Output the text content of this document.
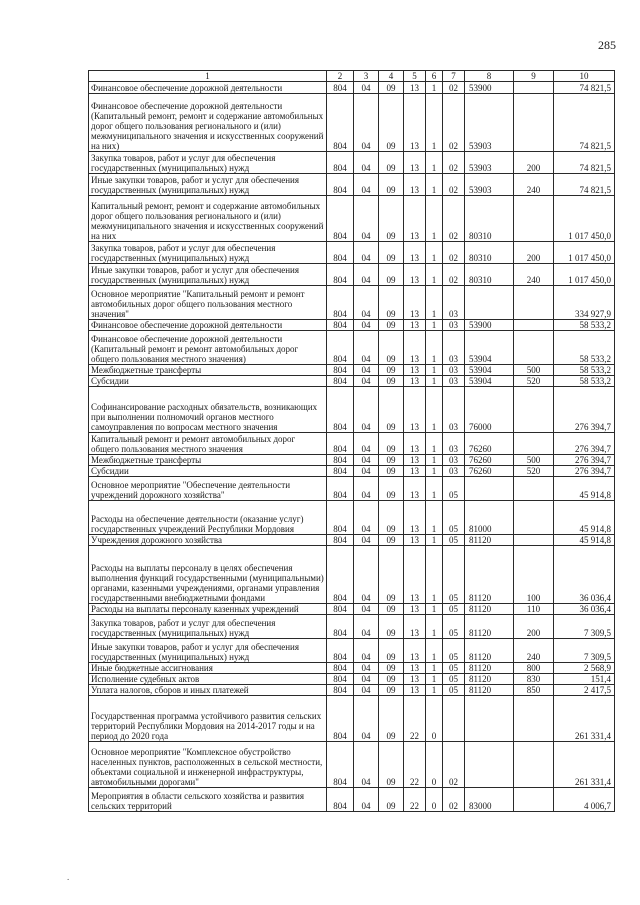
285
1	2	3	4	5	6	7	8	9	10
Финансовое обеспечение дорожной деятельности	804	04	09	13	1	02	53900		74 821,5
Финансовое обеспечение дорожной деятельности (Капитальный ремонт, ремонт и содержание автомобильных дорог общего пользования регионального и (или) межмуниципального значения и искусственных сооружений на них)	804	04	09	13	1	02	53903		74 821,5
Закупка товаров, работ и услуг для обеспечения государственных (муниципальных) нужд	804	04	09	13	1	02	53903	200	74 821,5
Иные закупки товаров, работ и услуг для обеспечения государственных (муниципальных) нужд	804	04	09	13	1	02	53903	240	74 821,5
Капитальный ремонт, ремонт и содержание автомобильных дорог общего пользования регионального и (или) межмуниципального значения и искусственных сооружений на них	804	04	09	13	1	02	80310		1 017 450,0
Закупка товаров, работ и услуг для обеспечения государственных (муниципальных) нужд	804	04	09	13	1	02	80310	200	1 017 450,0
Иные закупки товаров, работ и услуг для обеспечения государственных (муниципальных) нужд	804	04	09	13	1	02	80310	240	1 017 450,0
Основное мероприятие "Капитальный ремонт и ремонт автомобильных дорог общего пользования местного значения"	804	04	09	13	1	03			334 927,9
Финансовое обеспечение дорожной деятельности	804	04	09	13	1	03	53900		58 533,2
Финансовое обеспечение дорожной деятельности (Капитальный ремонт и ремонт автомобильных дорог общего пользования местного значения)	804	04	09	13	1	03	53904		58 533,2
Межбюджетные трансферты	804	04	09	13	1	03	53904	500	58 533,2
Субсидии	804	04	09	13	1	03	53904	520	58 533,2
Софинансирование расходных обязательств, возникающих при выполнении полномочий органов местного самоуправления по вопросам местного значения	804	04	09	13	1	03	76000		276 394,7
Капитальный ремонт и ремонт автомобильных дорог общего пользования местного значения	804	04	09	13	1	03	76260		276 394,7
Межбюджетные трансферты	804	04	09	13	1	03	76260	500	276 394,7
Субсидии	804	04	09	13	1	03	76260	520	276 394,7
Основное мероприятие "Обеспечение деятельности учреждений дорожного хозяйства"	804	04	09	13	1	05			45 914,8
Расходы на обеспечение деятельности (оказание услуг) государственных учреждений Республики Мордовия	804	04	09	13	1	05	81000		45 914,8
Учреждения дорожного хозяйства	804	04	09	13	1	05	81120		45 914,8
Расходы на выплаты персоналу в целях обеспечения выполнения функций государственными (муниципальными) органами, казенными учреждениями, органами управления государственными внебюджетными фондами	804	04	09	13	1	05	81120	100	36 036,4
Расходы на выплаты персоналу казенных учреждений	804	04	09	13	1	05	81120	110	36 036,4
Закупка товаров, работ и услуг для обеспечения государственных (муниципальных) нужд	804	04	09	13	1	05	81120	200	7 309,5
Иные закупки товаров, работ и услуг для обеспечения государственных (муниципальных) нужд	804	04	09	13	1	05	81120	240	7 309,5
Иные бюджетные ассигнования	804	04	09	13	1	05	81120	800	2 568,9
Исполнение судебных актов	804	04	09	13	1	05	81120	830	151,4
Уплата налогов, сборов и иных платежей	804	04	09	13	1	05	81120	850	2 417,5
Государственная программа устойчивого развития сельских территорий Республики Мордовия на 2014-2017 годы и на период до 2020 года	804	04	09	22	0				261 331,4
Основное мероприятие "Комплексное обустройство населенных пунктов, расположенных в сельской местности, объектами социальной и инженерной инфраструктуры, автомобильными дорогами"	804	04	09	22	0	02			261 331,4
Мероприятия в области сельского хозяйства и развития сельских территорий	804	04	09	22	0	02	83000		4 006,7
.
